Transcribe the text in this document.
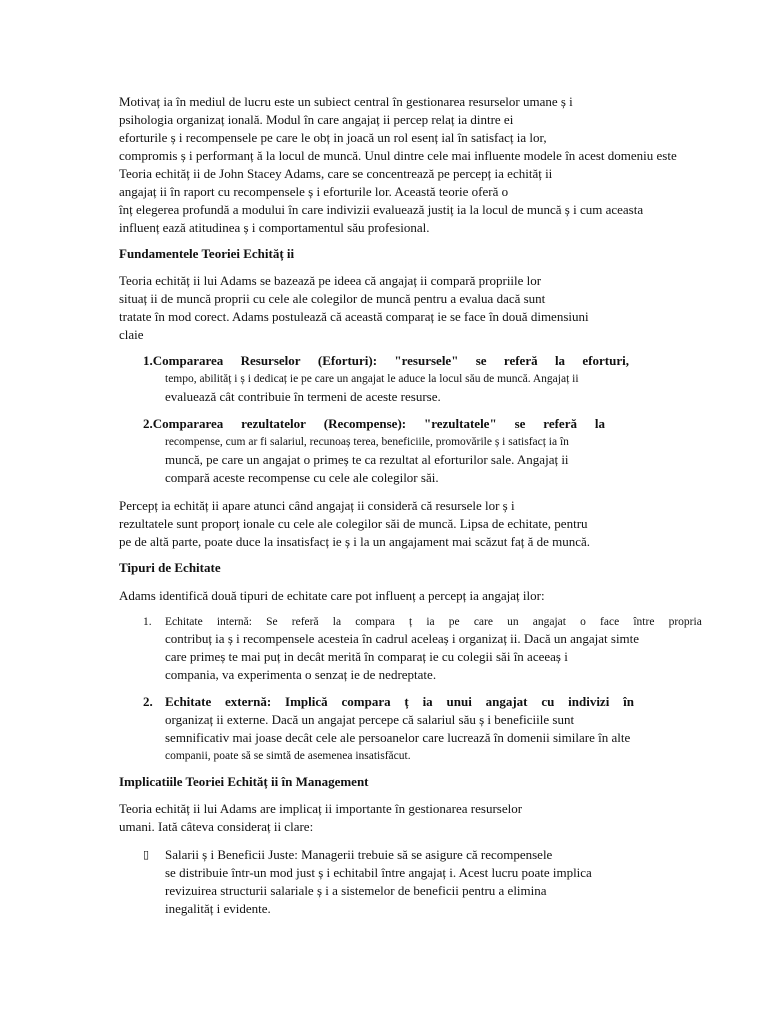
Motivaț ia în mediul de lucru este un subiect central în gestionarea resurselor umane ș i
psihologia organizaț ională. Modul în care angajaț ii percep relaț ia dintre ei
eforturile ș i recompensele pe care le obț in joacă un rol esenț ial în satisfacț ia lor,
compromis ș i performanț ă la locul de muncă. Unul dintre cele mai influente modele în acest domeniu este
Teoria echităț ii de John Stacey Adams, care se concentrează pe percepț ia echităț ii
angajaț ii în raport cu recompensele ș i eforturile lor. Această teorie oferă o
înț elegerea profundă a modului în care indivizii evaluează justiț ia la locul de muncă ș i cum aceasta
influenț ează atitudinea ș i comportamentul său profesional.
Fundamentele Teoriei Echităț ii
Teoria echităț ii lui Adams se bazează pe ideea că angajaț ii compară propriile lor
situaț ii de muncă proprii cu cele ale colegilor de muncă pentru a evalua dacă sunt
tratate în mod corect. Adams postulează că această comparaț ie se face în două dimensiuni
claie
1.Compararea Resurselor (Eforturi): "resursele" se referă la eforturi,
tempo, abilităț i ș i dedicaț ie pe care un angajat le aduce la locul său de muncă. Angajaț ii
evaluează cât contribuie în termeni de aceste resurse.
2.Compararea rezultatelor (Recompense): "rezultatele" se referă la
recompense, cum ar fi salariul, recunoaș terea, beneficiile, promovările ș i satisfacț ia în
muncă, pe care un angajat o primeș te ca rezultat al eforturilor sale. Angajaț ii
compară aceste recompense cu cele ale colegilor săi.
Percepț ia echităț ii apare atunci când angajaț ii consideră că resursele lor ș i
rezultatele sunt proporț ionale cu cele ale colegilor săi de muncă. Lipsa de echitate, pentru
pe de altă parte, poate duce la insatisfacț ie ș i la un angajament mai scăzut faț ă de muncă.
Tipuri de Echitate
Adams identifică două tipuri de echitate care pot influenț a percepț ia angajaț ilor:
1. Echitate internă: Se referă la compara ț ia pe care un angajat o face între propria
contribuț ia ș i recompensele acesteia în cadrul aceleaș i organizaț ii. Dacă un angajat simte
care primeș te mai puț in decât merită în comparaț ie cu colegii săi în aceeaș i
compania, va experimenta o senzaț ie de nedreptate.
2. Echitate externă: Implică compara ț ia unui angajat cu indivizi în
organizaț ii externe. Dacă un angajat percepe că salariul său ș i beneficiile sunt
semnificativ mai joase decât cele ale persoanelor care lucrează în domenii similare în alte
companii, poate să se simtă de asemenea insatisfăcut.
Implicatiile Teoriei Echităț ii în Management
Teoria echităț ii lui Adams are implicaț ii importante în gestionarea resurselor
umani. Iată câteva consideraț ii clare:
▯ Salarii ș i Beneficii Juste: Managerii trebuie să se asigure că recompensele
se distribuie într-un mod just ș i echitabil între angajaț i. Acest lucru poate implica
revizuirea structurii salariale ș i a sistemelor de beneficii pentru a elimina
inegalităț i evidente.
